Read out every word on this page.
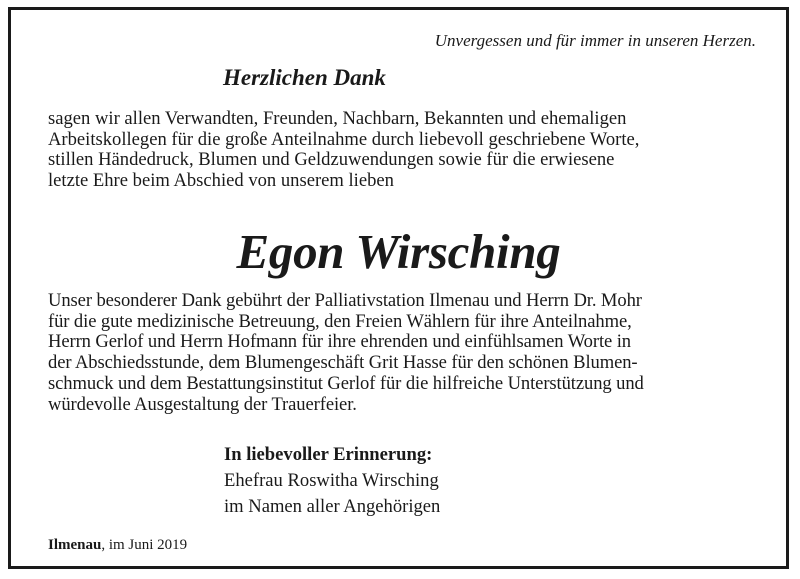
Unvergessen und für immer in unseren Herzen.
Herzlichen Dank

sagen wir allen Verwandten, Freunden, Nachbarn, Bekannten und ehemaligen
Arbeitskollegen für die große Anteilnahme durch liebevoll geschriebene Worte,
stillen Händedruck, Blumen und Geldzuwendungen sowie für die erwiesene
letzte Ehre beim Abschied von unserem lieben

Egon Wirsching

Unser besonderer Dank gebührt der Palliativstation Ilmenau und Herrn Dr. Mohr
für die gute medizinische Betreuung, den Freien Wählern für ihre Anteilnahme,
Herrn Gerlof und Herrn Hofmann für ihre ehrenden und einfühlsamen Worte in
der Abschiedsstunde, dem Blumengeschäft Grit Hasse für den schönen Blumen-
schmuck und dem Bestattungsinstitut Gerlof für die hilfreiche Unterstützung und
würdevolle Ausgestaltung der Trauerfeier.

In liebevoller Erinnerung:
Ehefrau Roswitha Wirsching
im Namen aller Angehörigen
Ilmenau, im Juni 2019
